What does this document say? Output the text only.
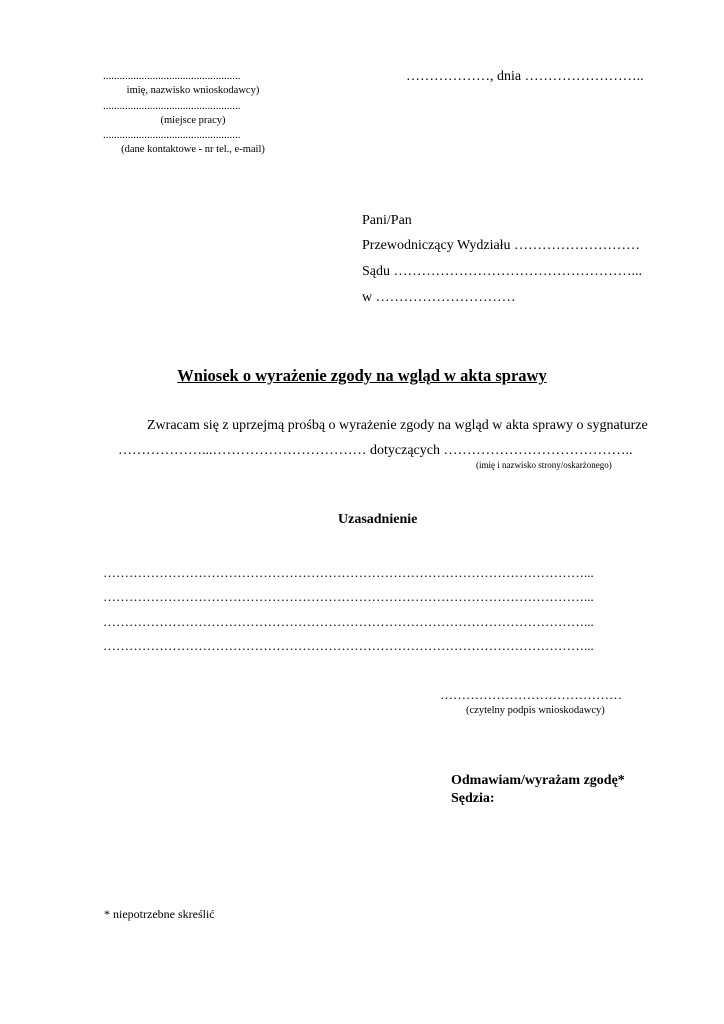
..................................................
imię, nazwisko wnioskodawcy)
..................................................
(miejsce pracy)
..................................................
(dane kontaktowe - nr tel., e-mail)
………………, dnia ……………………..
Pani/Pan
Przewodniczący Wydziału ………………………
Sądu ……………………………………………...
w …………………………
Wniosek o wyrażenie zgody na wgląd w akta sprawy
Zwracam się z uprzejmą prośbą o wyrażenie zgody na wgląd w akta sprawy o sygnaturze
………………...…………………………… dotyczących …………………………………..
(imię i nazwisko strony/oskarżonego)
Uzasadnienie
…………………………………………………………………………………………………...
…………………………………………………………………………………………………...
…………………………………………………………………………………………………...
…………………………………………………………………………………………………...
……………………………………
(czytelny podpis wnioskodawcy)
Odmawiam/wyrażam zgodę*
Sędzia:
* niepotrzebne skreślić
